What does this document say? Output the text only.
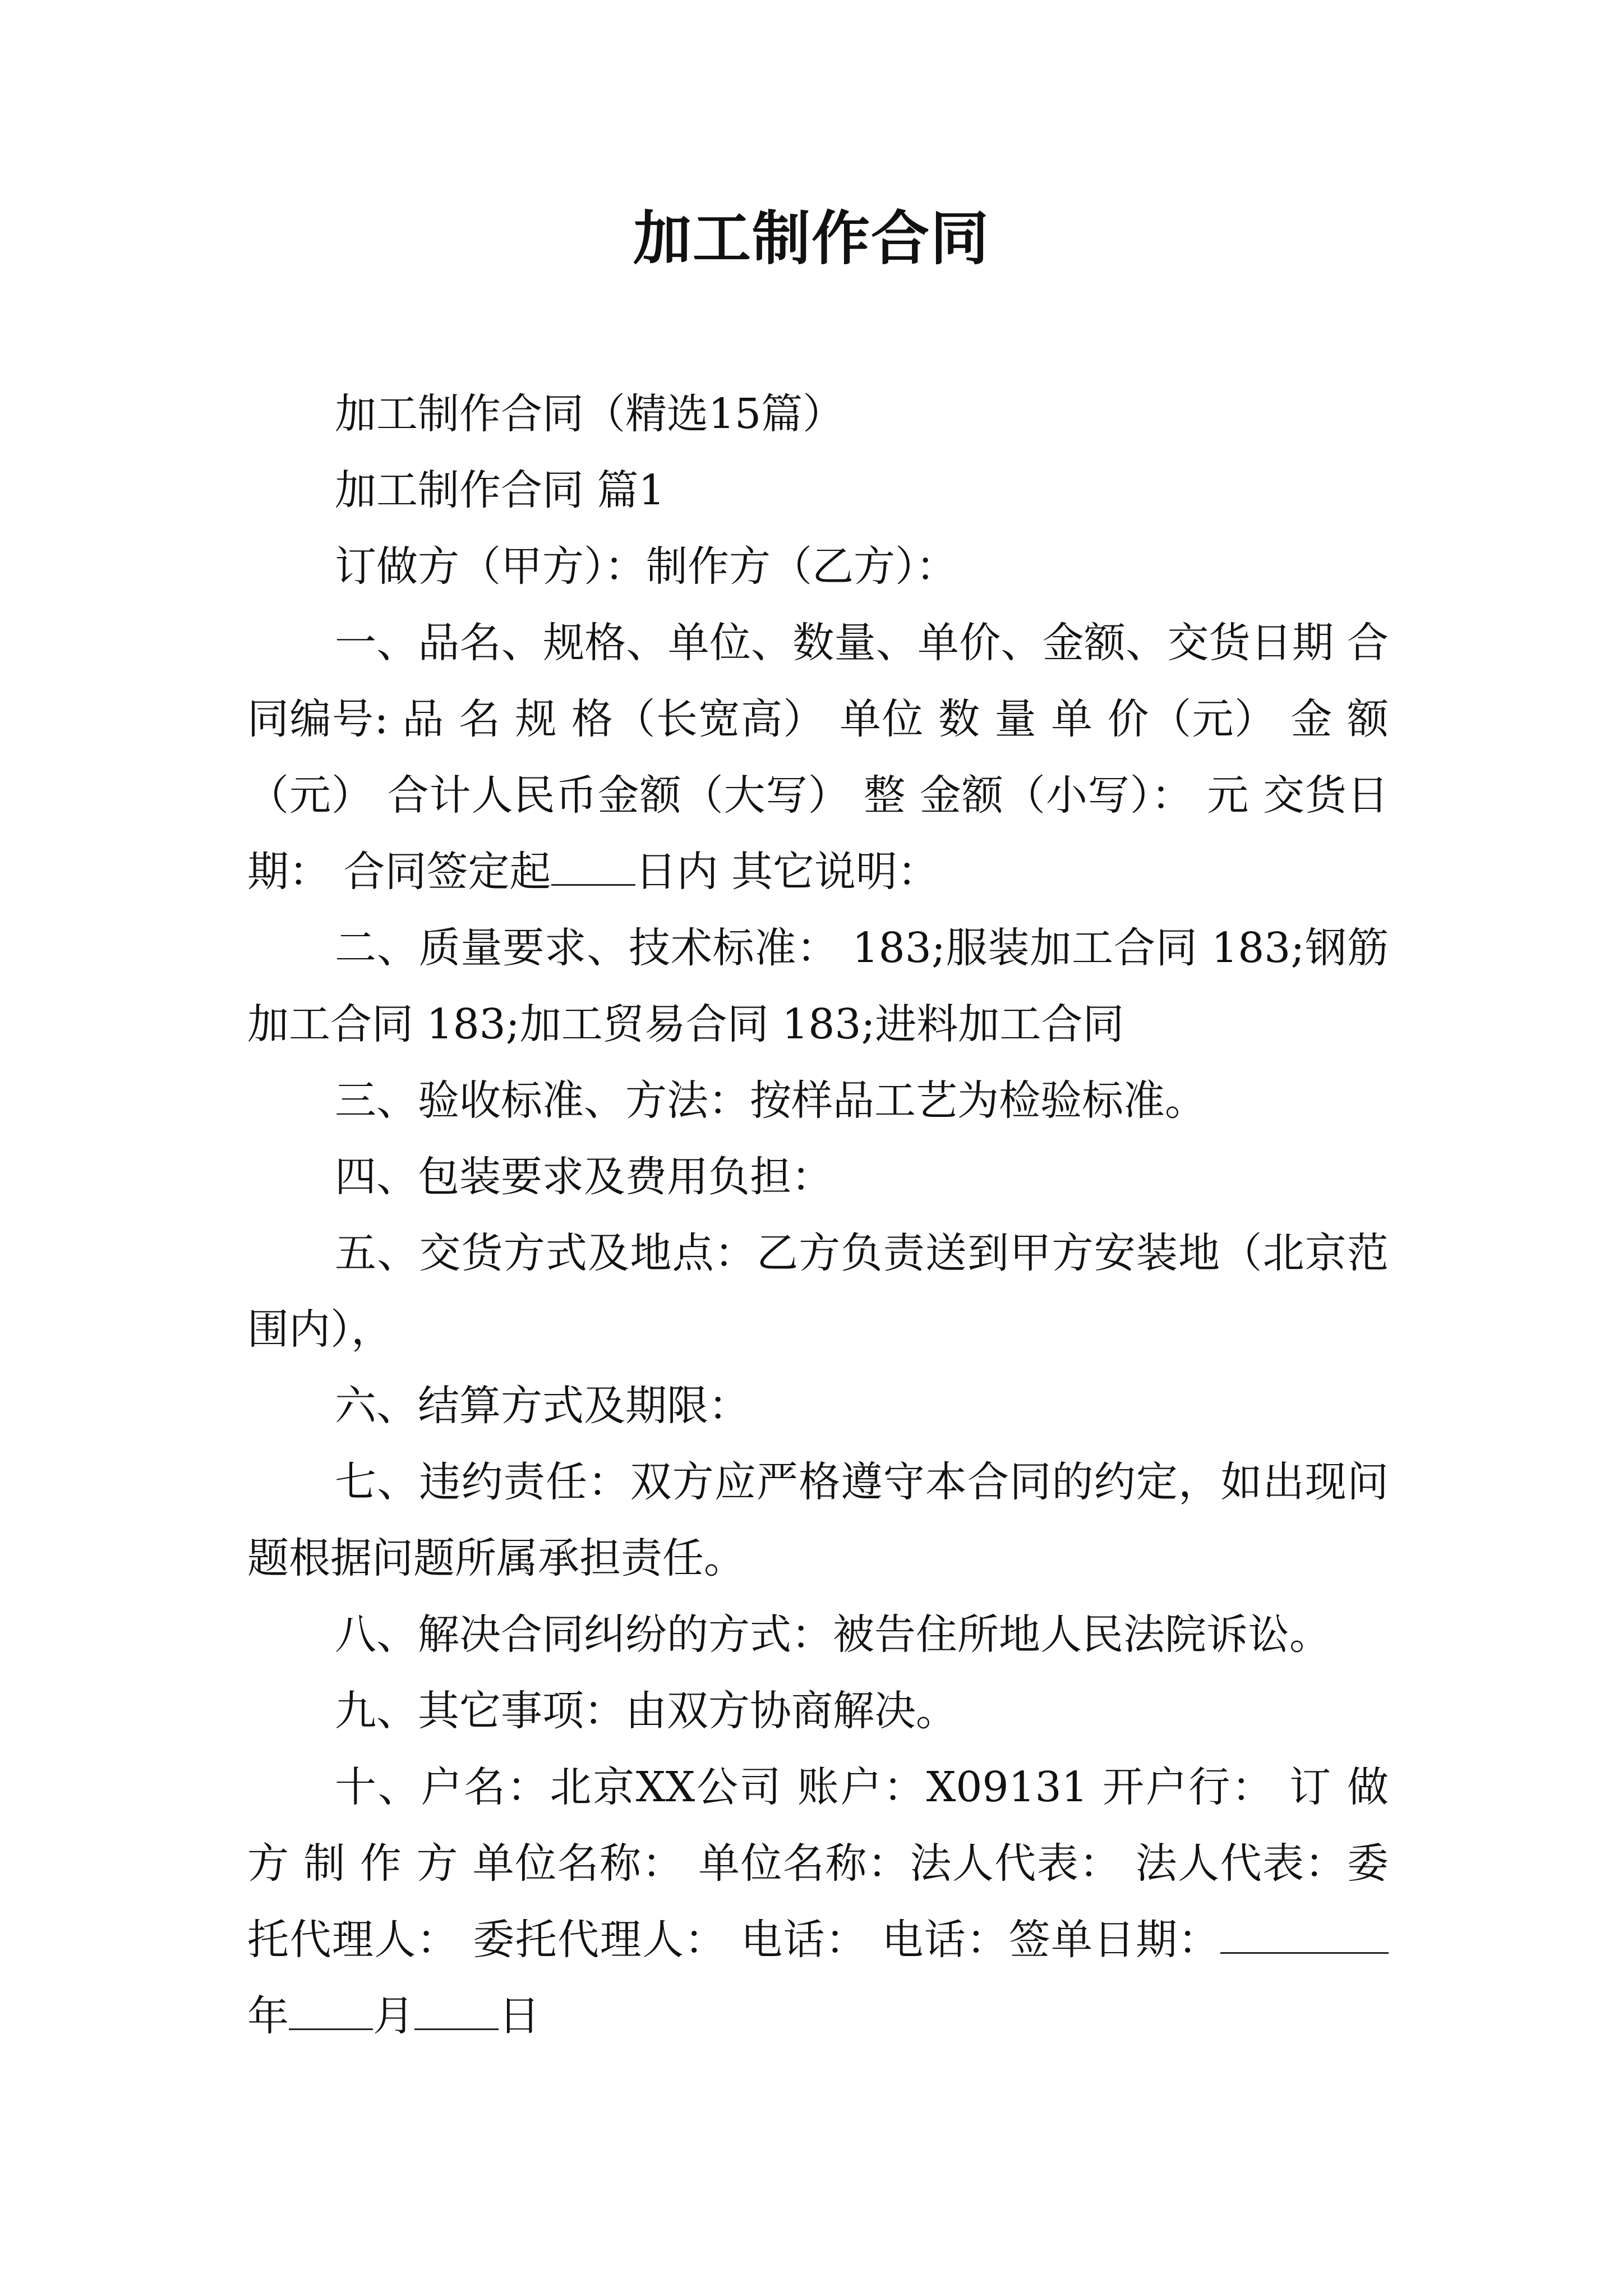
加工制作合同

加工制作合同（精选15篇）

加工制作合同 篇1

订做方（甲方）：制作方（乙方）：

一、品名、规格、单位、数量、单价、金额、交货日期 合同编号: 品 名 规 格（长宽高） 单位 数 量 单 价（元） 金 额（元） 合计人民币金额（大写） 整 金额（小写）： 元 交货日期： 合同签定起 日内 其它说明：

二、质量要求、技术标准： 183;服装加工合同 183;钢筋加工合同 183;加工贸易合同 183;进料加工合同

三、验收标准、方法：按样品工艺为检验标准。

四、包装要求及费用负担：

五、交货方式及地点：乙方负责送到甲方安装地（北京范围内），

六、结算方式及期限：

七、违约责任：双方应严格遵守本合同的约定，如出现问题根据问题所属承担责任。

八、解决合同纠纷的方式：被告住所地人民法院诉讼。

九、其它事项：由双方协商解决。

十、户名：北京XX公司 账户：X09131 开户行： 订 做 方 制 作 方 单位名称： 单位名称：法人代表： 法人代表：委托代理人： 委托代理人： 电话： 电话：签单日期：年 月 日
